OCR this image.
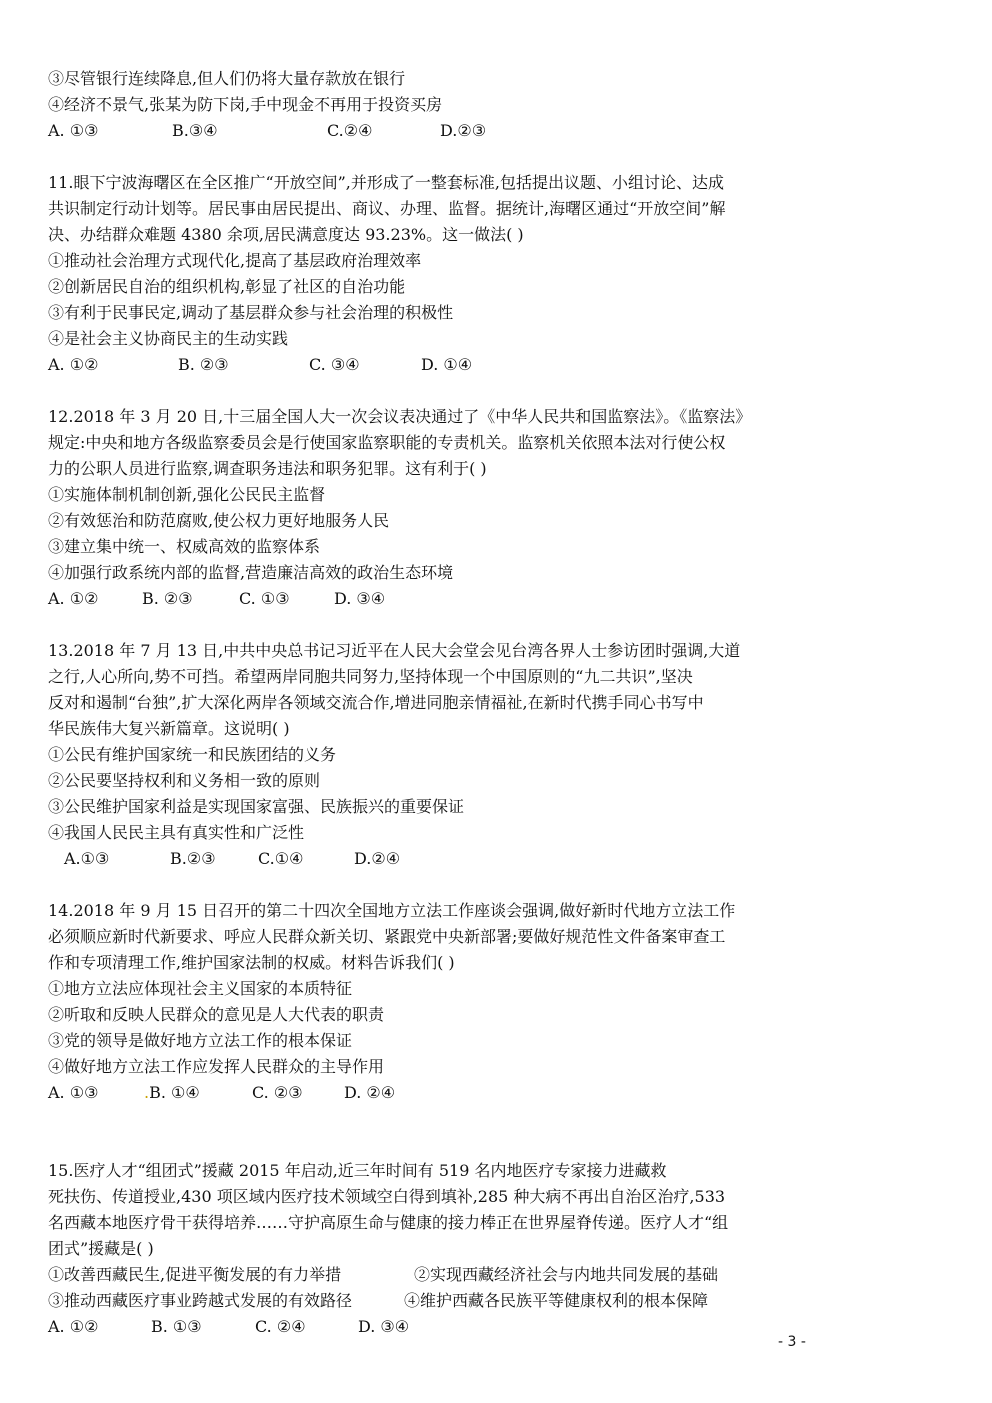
③尽管银行连续降息,但人们仍将大量存款放在银行
④经济不景气,张某为防下岗,手中现金不再用于投资买房
A. ①③	B.③④	C.②④	D.②③
11.眼下宁波海曙区在全区推广“开放空间”,并形成了一整套标准,包括提出议题、小组讨论、达成
共识制定行动计划等。居民事由居民提出、商议、办理、监督。据统计,海曙区通过“开放空间”解
决、办结群众难题 4380 余项,居民满意度达 93.23%。这一做法( )
①推动社会治理方式现代化,提高了基层政府治理效率
②创新居民自治的组织机构,彰显了社区的自治功能
③有利于民事民定,调动了基层群众参与社会治理的积极性
④是社会主义协商民主的生动实践
A. ①②	B. ②③	C. ③④	D. ①④
12.2018 年 3 月 20 日,十三届全国人大一次会议表决通过了《中华人民共和国监察法》。《监察法》
规定:中央和地方各级监察委员会是行使国家监察职能的专责机关。监察机关依照本法对行使公权
力的公职人员进行监察,调查职务违法和职务犯罪。这有利于( )
①实施体制机制创新,强化公民民主监督
②有效惩治和防范腐败,使公权力更好地服务人民
③建立集中统一、权威高效的监察体系
④加强行政系统内部的监督,营造廉洁高效的政治生态环境
A. ①②	B. ②③	C. ①③	D. ③④
13.2018 年 7 月 13 日,中共中央总书记习近平在人民大会堂会见台湾各界人士参访团时强调,大道
之行,人心所向,势不可挡。希望两岸同胞共同努力,坚持体现一个中国原则的“九二共识”,坚决
反对和遏制“台独”,扩大深化两岸各领域交流合作,增进同胞亲情福祉,在新时代携手同心书写中
华民族伟大复兴新篇章。这说明( )
①公民有维护国家统一和民族团结的义务
②公民要坚持权利和义务相一致的原则
③公民维护国家利益是实现国家富强、民族振兴的重要保证
④我国人民民主具有真实性和广泛性
A.①③	B.②③	C.①④	D.②④
14.2018 年 9 月 15 日召开的第二十四次全国地方立法工作座谈会强调,做好新时代地方立法工作
必须顺应新时代新要求、呼应人民群众新关切、紧跟党中央新部署;要做好规范性文件备案审查工
作和专项清理工作,维护国家法制的权威。材料告诉我们( )
①地方立法应体现社会主义国家的本质特征
②听取和反映人民群众的意见是人大代表的职责
③党的领导是做好地方立法工作的根本保证
④做好地方立法工作应发挥人民群众的主导作用
A. ①③	.B. ①④	C. ②③	D. ②④
15.医疗人才“组团式”援藏 2015 年启动,近三年时间有 519 名内地医疗专家接力进藏救
死扶伤、传道授业,430 项区域内医疗技术领域空白得到填补,285 种大病不再出自治区治疗,533
名西藏本地医疗骨干获得培养……守护高原生命与健康的接力棒正在世界屋脊传递。医疗人才“组
团式”援藏是( )
①改善西藏民生,促进平衡发展的有力举措	②实现西藏经济社会与内地共同发展的基础
③推动西藏医疗事业跨越式发展的有效路径	④维护西藏各民族平等健康权利的根本保障
A. ①②	B. ①③	C. ②④	D. ③④
- 3 -
